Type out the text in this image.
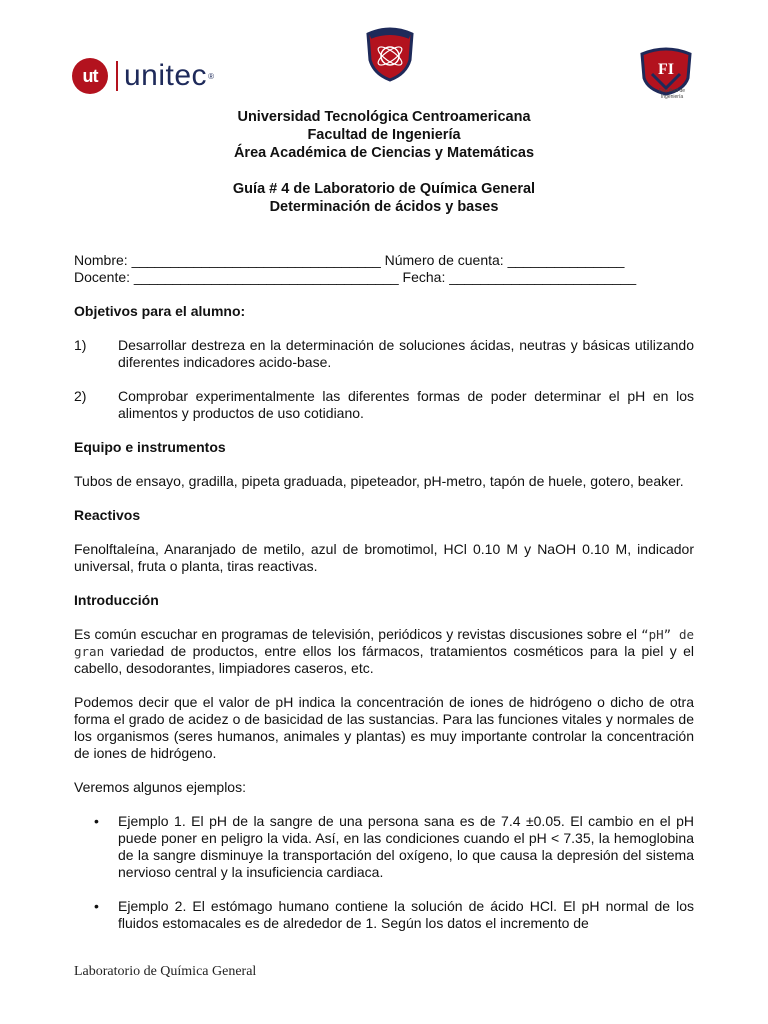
ut unitec ®	FI
Facultad de Ingeniería
Universidad Tecnológica Centroamericana
Facultad de Ingeniería
Área Académica de Ciencias y Matemáticas
Guía # 4 de Laboratorio de Química General
Determinación de ácidos y bases

Nombre: ________________________________ Número de cuenta: _______________

Docente: __________________________________ Fecha: ________________________

Objetivos para el alumno:

1)	Desarrollar destreza en la determinación de soluciones ácidas, neutras y básicas utilizando diferentes indicadores acido-base.
2)	Comprobar experimentalmente las diferentes formas de poder determinar el pH en los alimentos y productos de uso cotidiano.

Equipo e instrumentos

Tubos de ensayo, gradilla, pipeta graduada, pipeteador, pH-metro, tapón de huele, gotero, beaker.

Reactivos

Fenolftaleína, Anaranjado de metilo, azul de bromotimol, HCl 0.10 M y NaOH 0.10 M, indicador universal, fruta o planta, tiras reactivas.

Introducción

Es común escuchar en programas de televisión, periódicos y revistas discusiones sobre el “pH” de gran variedad de productos, entre ellos los fármacos, tratamientos cosméticos para la piel y el cabello, desodorantes, limpiadores caseros, etc.

Podemos decir que el valor de pH indica la concentración de iones de hidrógeno o dicho de otra forma el grado de acidez o de basicidad de las sustancias. Para las funciones vitales y normales de los organismos (seres humanos, animales y plantas) es muy importante controlar la concentración de iones de hidrógeno.

Veremos algunos ejemplos:

•	Ejemplo 1. El pH de la sangre de una persona sana es de 7.4 ±0.05. El cambio en el pH puede poner en peligro la vida. Así, en las condiciones cuando el pH < 7.35, la hemoglobina de la sangre disminuye la transportación del oxígeno, lo que causa la depresión del sistema nervioso central y la insuficiencia cardiaca.
•	Ejemplo 2. El estómago humano contiene la solución de ácido HCl. El pH normal de los fluidos estomacales es de alrededor de 1. Según los datos el incremento de
Laboratorio de Química General
